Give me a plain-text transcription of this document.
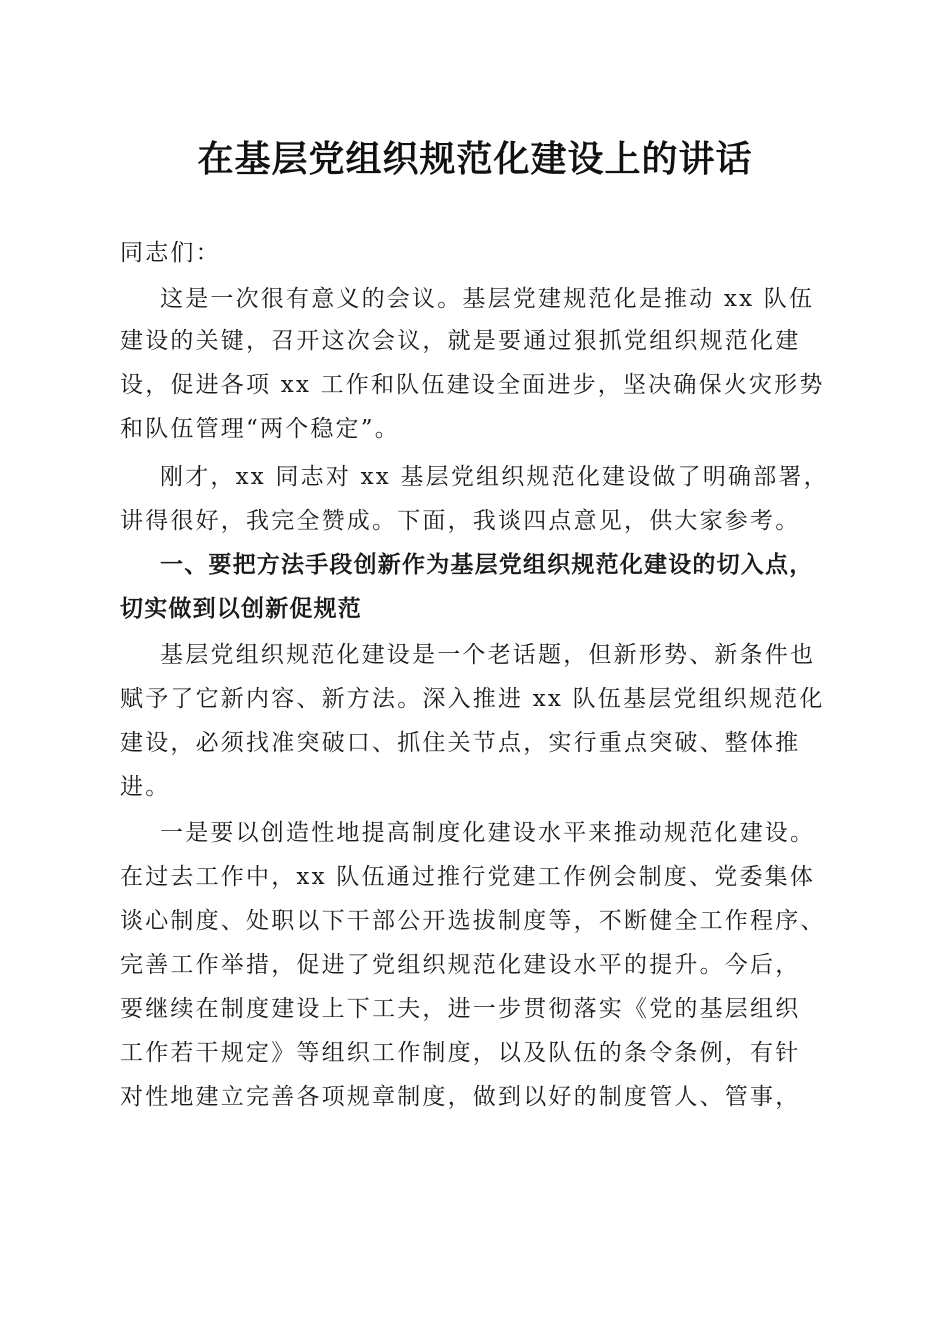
在基层党组织规范化建设上的讲话
同志们：
这是一次很有意义的会议。基层党建规范化是推动 xx 队伍
建设的关键，召开这次会议，就是要通过狠抓党组织规范化建
设，促进各项 xx 工作和队伍建设全面进步，坚决确保火灾形势
和队伍管理“两个稳定”。
刚才，xx 同志对 xx 基层党组织规范化建设做了明确部署，
讲得很好，我完全赞成。下面，我谈四点意见，供大家参考。
一、要把方法手段创新作为基层党组织规范化建设的切入点，
切实做到以创新促规范
基层党组织规范化建设是一个老话题，但新形势、新条件也
赋予了它新内容、新方法。深入推进 xx 队伍基层党组织规范化
建设，必须找准突破口、抓住关节点，实行重点突破、整体推
进。
一是要以创造性地提高制度化建设水平来推动规范化建设。
在过去工作中，xx 队伍通过推行党建工作例会制度、党委集体
谈心制度、处职以下干部公开选拔制度等，不断健全工作程序、
完善工作举措，促进了党组织规范化建设水平的提升。今后，
要继续在制度建设上下工夫，进一步贯彻落实《党的基层组织
工作若干规定》等组织工作制度，以及队伍的条令条例，有针
对性地建立完善各项规章制度，做到以好的制度管人、管事，
